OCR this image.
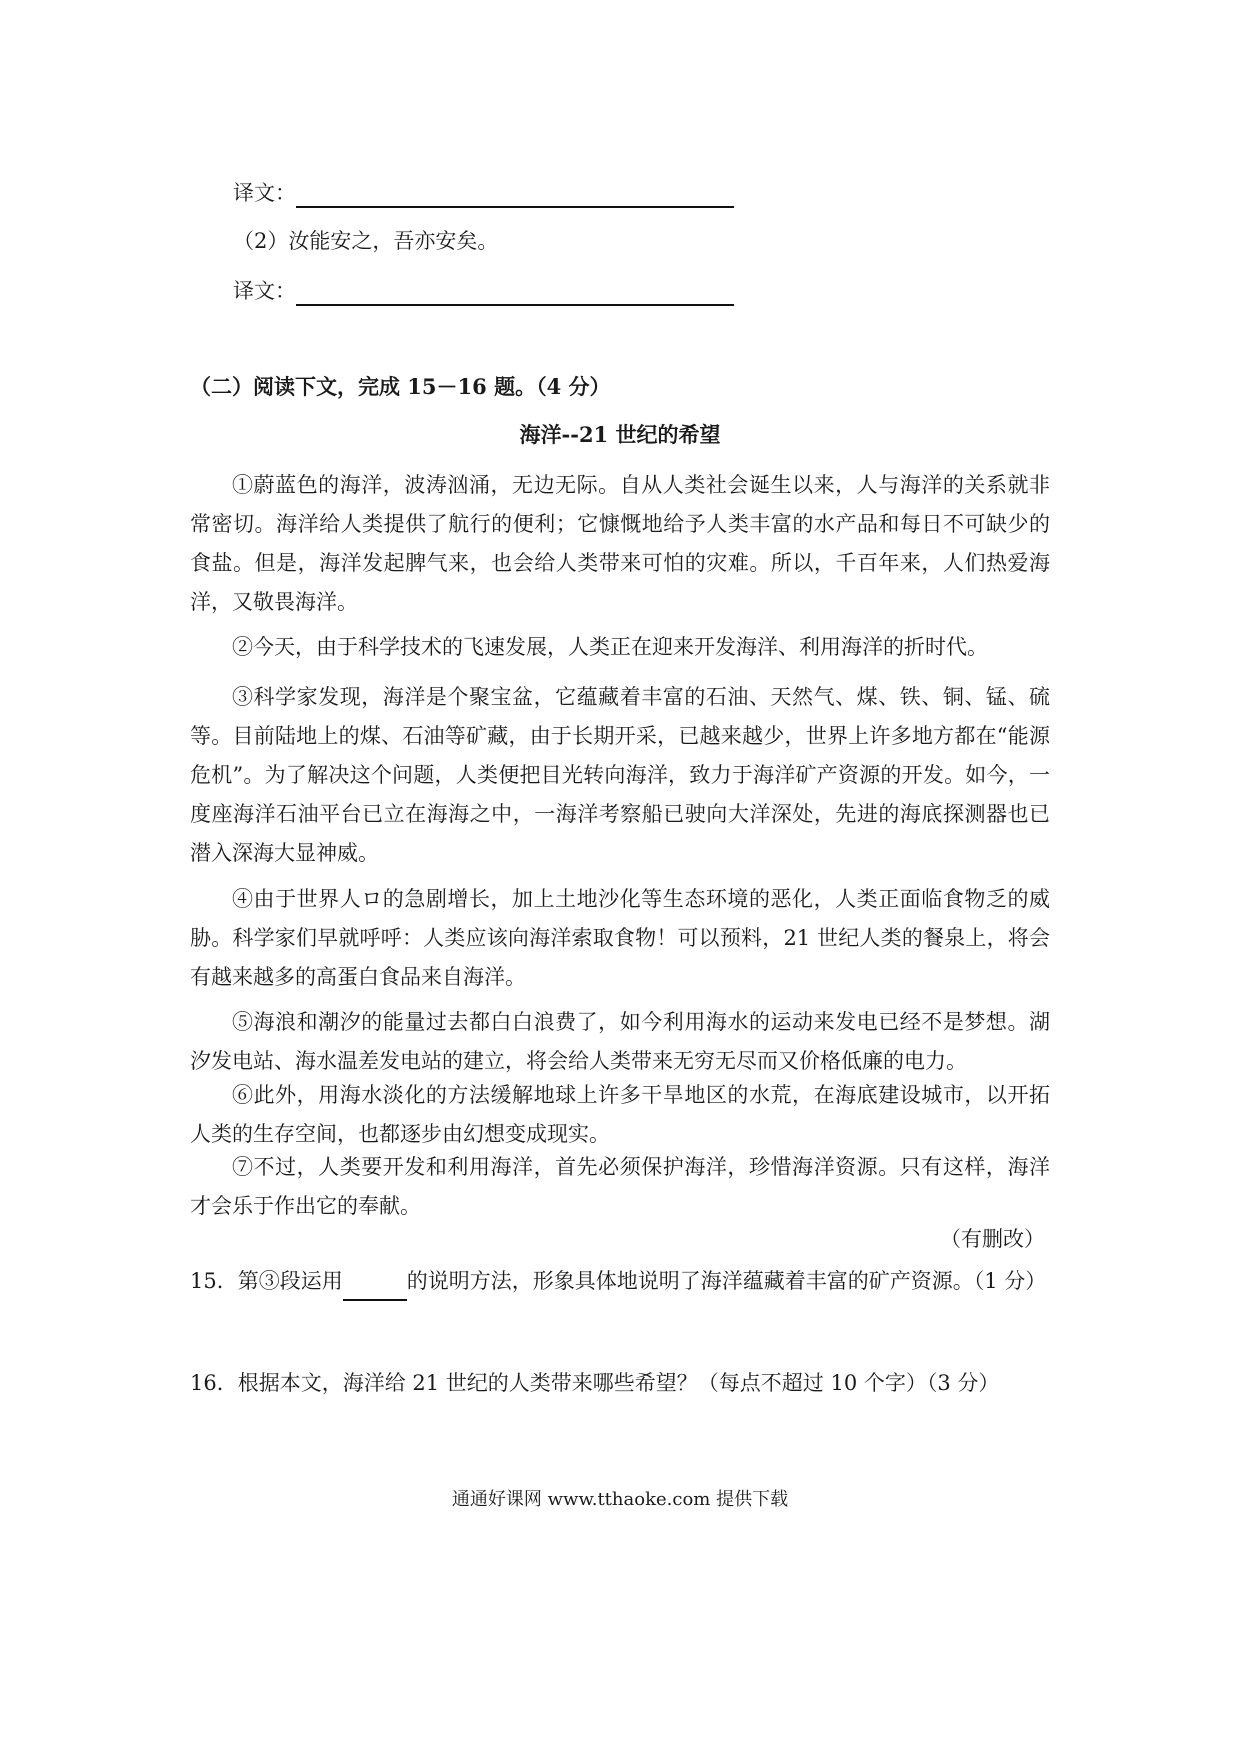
译文：
（2）汝能安之，吾亦安矣。
译文：
（二）阅读下文，完成 15－16 题。（4 分）
海洋--21 世纪的希望

①蔚蓝色的海洋，波涛汹涌，无边无际。自从人类社会诞生以来，人与海洋的关系就非常密切。海洋给人类提供了航行的便利；它慷慨地给予人类丰富的水产品和每日不可缺少的食盐。但是，海洋发起脾气来，也会给人类带来可怕的灾难。所以，千百年来，人们热爱海洋，又敬畏海洋。

②今天，由于科学技术的飞速发展，人类正在迎来开发海洋、利用海洋的折时代。

③科学家发现，海洋是个聚宝盆，它蕴藏着丰富的石油、天然气、煤、铁、铜、锰、硫等。目前陆地上的煤、石油等矿藏，由于长期开采，已越来越少，世界上许多地方都在“能源危机”。为了解决这个问题，人类便把目光转向海洋，致力于海洋矿产资源的开发。如今，一度座海洋石油平台已立在海海之中，一海洋考察船已驶向大洋深处，先进的海底探测器也已潜入深海大显神威。

④由于世界人ロ的急剧增长，加上土地沙化等生态环境的恶化，人类正面临食物乏的威胁。科学家们早就呼呼：人类应该向海洋索取食物！可以预料，21 世纪人类的餐泉上，将会有越来越多的高蛋白食品来自海洋。

⑤海浪和潮汐的能量过去都白白浪费了，如今利用海水的运动来发电已经不是梦想。湖汐发电站、海水温差发电站的建立，将会给人类带来无穷无尽而又价格低廉的电力。

⑥此外，用海水淡化的方法缓解地球上许多干旱地区的水荒，在海底建设城市，以开拓人类的生存空间，也都逐步由幻想变成现实。

⑦不过，人类要开发和利用海洋，首先必须保护海洋，珍惜海洋资源。只有这样，海洋才会乐于作出它的奉献。

（有删改）

15．第③段运用	的说明方法，形象具体地说明了海洋蕴藏着丰富的矿产资源。（1 分）

16．根据本文，海洋给 21 世纪的人类带来哪些希望？（每点不超过 10 个字）（3 分）

通通好课网 www.tthaoke.com 提供下载
